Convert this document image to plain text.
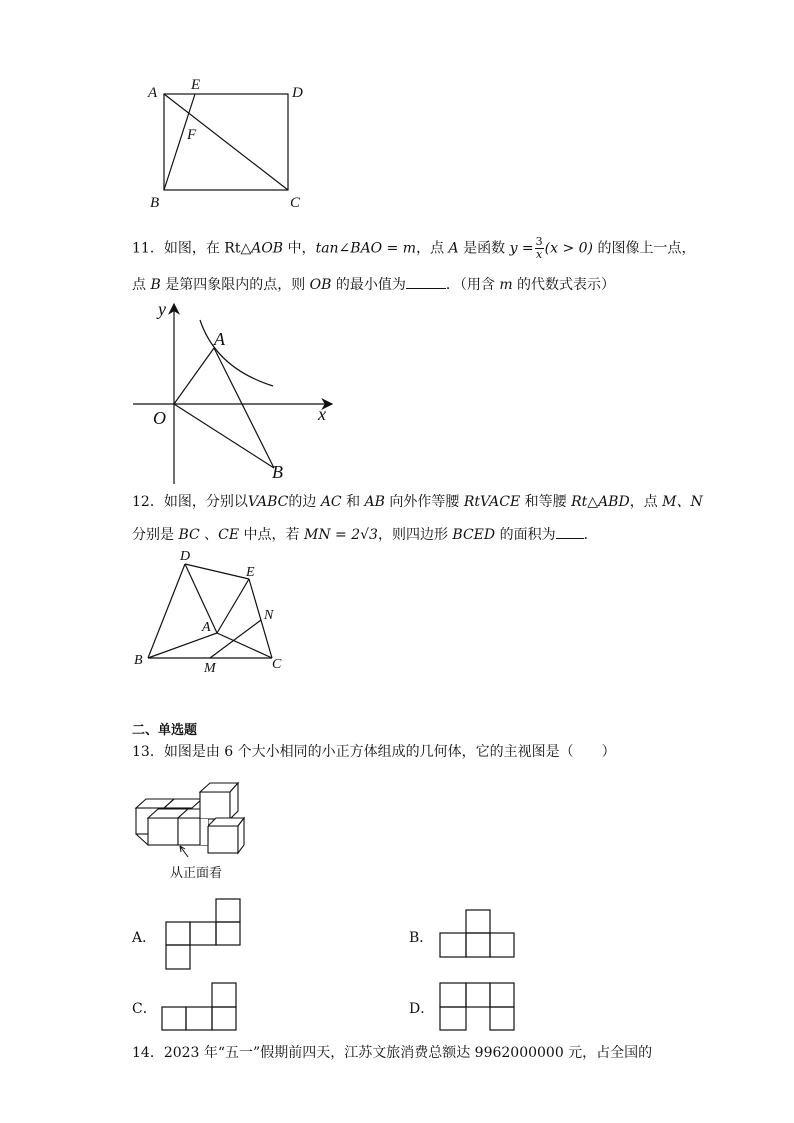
A E	D
F
B	C
11．如图，在 Rt△AOB 中，tan∠BAO = m，点 A 是函数 $y = \frac{3}{x} (x > 0)$ 的图像上一点，
点 B 是第四象限内的点，则 OB 的最小值为	．（用含 m 的代数式表示）
y
x
O
A
B
12．如图，分别以VABC的边 AC 和 AB 向外作等腰 RtVACE 和等腰 Rt△ABD，点 M、N
分别是 BC 、CE 中点，若 MN = 2√3，则四边形 BCED 的面积为 ．
D
E
A
N
B
M	C
二、单选题
13．如图是由 6 个大小相同的小正方体组成的几何体，它的主视图是（　　）
从正面看
A．	B．
C．	D．
14．2023 年“五一”假期前四天，江苏文旅消费总额达 9962000000 元，占全国的
